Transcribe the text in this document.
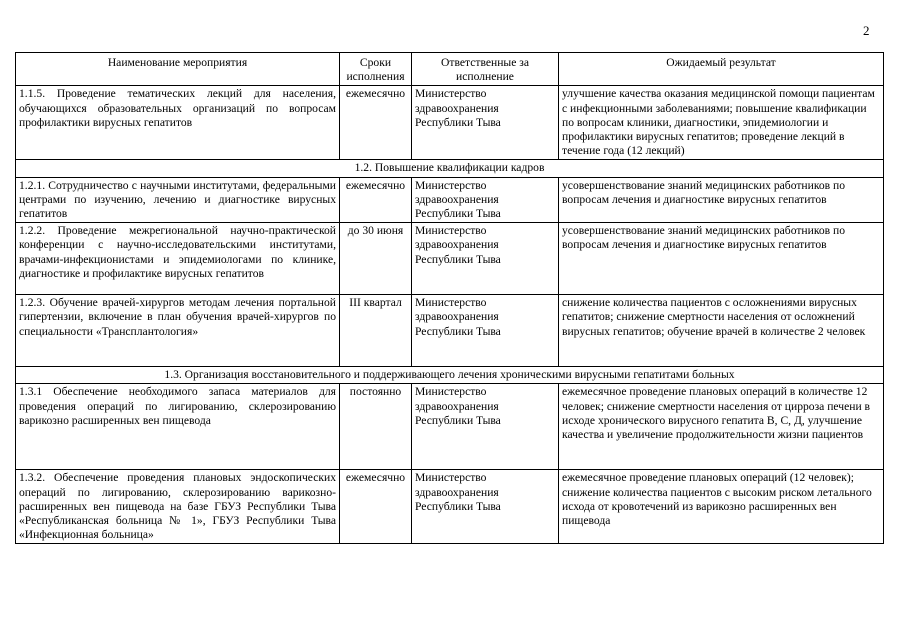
2
Наименование мероприятия	Сроки исполнения	Ответственные за исполнение	Ожидаемый результат
1.1.5. Проведение тематических лекций для населения, обучающихся образовательных организаций по вопросам профилактики вирусных гепатитов	ежемесячно	Министерство здравоохранения Республики Тыва	улучшение качества оказания медицинской помощи пациентам с инфекционными заболеваниями; повышение квалификации по вопросам клиники, диагностики, эпидемиологии и профилактики вирусных гепатитов; проведение лекций в течение года (12 лекций)
1.2. Повышение квалификации кадров			
1.2.1. Сотрудничество с научными институтами, федеральными центрами по изучению, лечению и диагностике вирусных гепатитов	ежемесячно	Министерство здравоохранения Республики Тыва	усовершенствование знаний медицинских работников по вопросам лечения и диагностике вирусных гепатитов
1.2.2. Проведение межрегиональной научно-практической конференции с научно-исследовательскими институтами, врачами-инфекционистами и эпидемиологами по клинике, диагностике и профилактике вирусных гепатитов	до 30 июня	Министерство здравоохранения Республики Тыва	усовершенствование знаний медицинских работников по вопросам лечения и диагностике вирусных гепатитов
1.2.3. Обучение врачей-хирургов методам лечения портальной гипертензии, включение в план обучения врачей-хирургов по специальности «Трансплантология»	III квартал	Министерство здравоохранения Республики Тыва	снижение количества пациентов с осложнениями вирусных гепатитов; снижение смертности населения от осложнений вирусных гепатитов; обучение врачей в количестве 2 человек
1.3. Организация восстановительного и поддерживающего лечения хроническими вирусными гепатитами больных			
1.3.1 Обеспечение необходимого запаса материалов для проведения операций по лигированию, склерозированию варикозно расширенных вен пищевода	постоянно	Министерство здравоохранения Республики Тыва	ежемесячное проведение плановых операций в количестве 12 человек; снижение смертности населения от цирроза печени в исходе хронического вирусного гепатита В, С, Д, улучшение качества и увеличение продолжительности жизни пациентов
1.3.2. Обеспечение проведения плановых эндоскопических операций по лигированию, склерозированию варикозно-расширенных вен пищевода на базе ГБУЗ Республики Тыва «Республиканская больница № 1», ГБУЗ Республики Тыва «Инфекционная больница»	ежемесячно	Министерство здравоохранения Республики Тыва	ежемесячное проведение плановых операций (12 человек); снижение количества пациентов с высоким риском летального исхода от кровотечений из варикозно расширенных вен пищевода
